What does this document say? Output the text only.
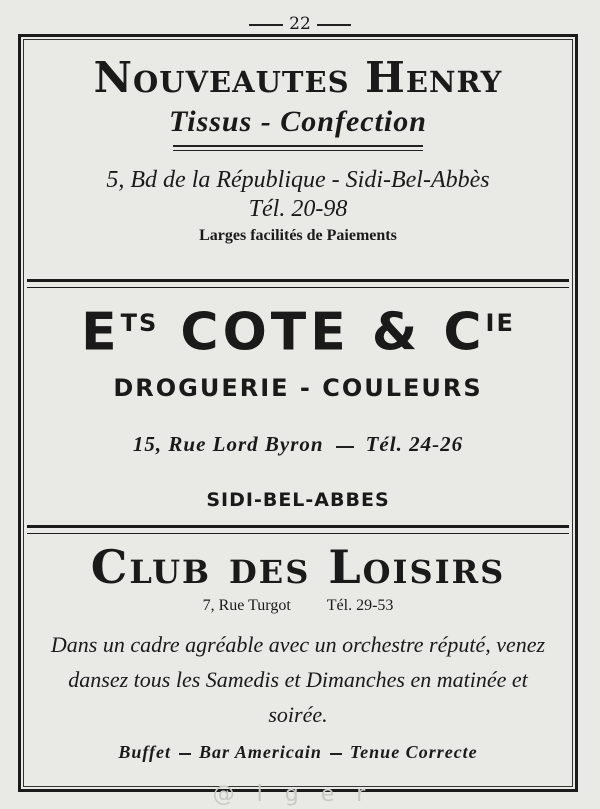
22
Nouveautes Henry
Tissus - Confection
5, Bd de la République - Sidi-Bel-Abbès
Tél. 20-98
Larges facilités de Paiements
$E^{TS}$ COTE & $C^{IE}$
DROGUERIE - COULEURS
15, Rue Lord Byron Tél. 24-26
SIDI-BEL-ABBES
Club des Loisirs
7, Rue Turgot Tél. 29-53
Dans un cadre agréable avec un orchestre réputé, venez dansez tous les Samedis et Dimanches en matinée et soirée.
Buffet Bar Americain Tenue Correcte
@lger
